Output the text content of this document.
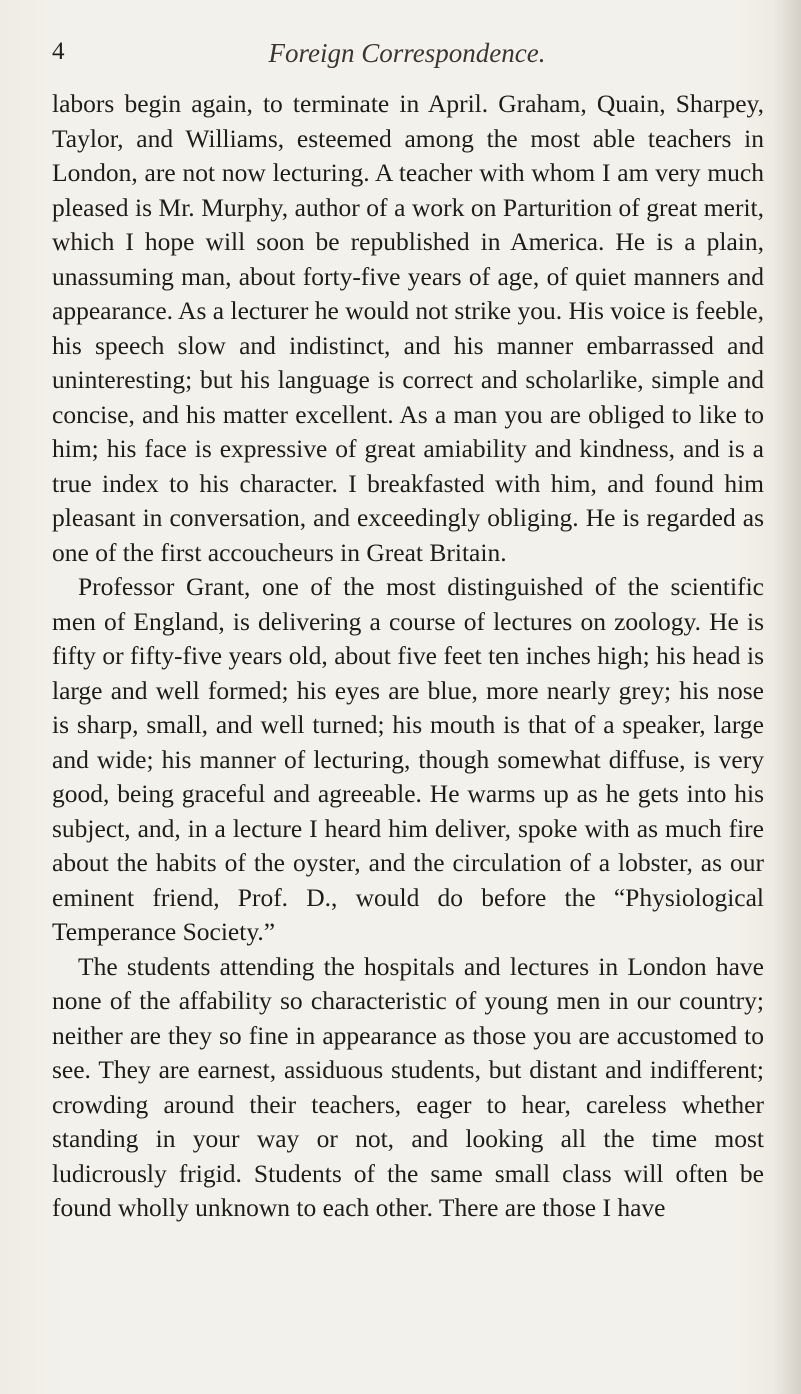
4	Foreign Correspondence.

labors begin again, to terminate in April. Graham, Quain, Sharpey, Taylor, and Williams, esteemed among the most able teachers in London, are not now lecturing. A teacher with whom I am very much pleased is Mr. Murphy, author of a work on Parturition of great merit, which I hope will soon be republished in America. He is a plain, unassuming man, about forty-five years of age, of quiet manners and appearance. As a lecturer he would not strike you. His voice is feeble, his speech slow and indistinct, and his manner embarrassed and uninteresting; but his language is correct and scholarlike, simple and concise, and his matter excellent. As a man you are obliged to like to him; his face is expressive of great amiability and kindness, and is a true index to his character. I breakfasted with him, and found him pleasant in conversation, and exceedingly obliging. He is regarded as one of the first accoucheurs in Great Britain.

Professor Grant, one of the most distinguished of the scientific men of England, is delivering a course of lectures on zoology. He is fifty or fifty-five years old, about five feet ten inches high; his head is large and well formed; his eyes are blue, more nearly grey; his nose is sharp, small, and well turned; his mouth is that of a speaker, large and wide; his manner of lecturing, though somewhat diffuse, is very good, being graceful and agreeable. He warms up as he gets into his subject, and, in a lecture I heard him deliver, spoke with as much fire about the habits of the oyster, and the circulation of a lobster, as our eminent friend, Prof. D., would do before the “Physiological Temperance Society.”

The students attending the hospitals and lectures in London have none of the affability so characteristic of young men in our country; neither are they so fine in appearance as those you are accustomed to see. They are earnest, assiduous students, but distant and indifferent; crowding around their teachers, eager to hear, careless whether standing in your way or not, and looking all the time most ludicrously frigid. Students of the same small class will often be found wholly unknown to each other. There are those I have
